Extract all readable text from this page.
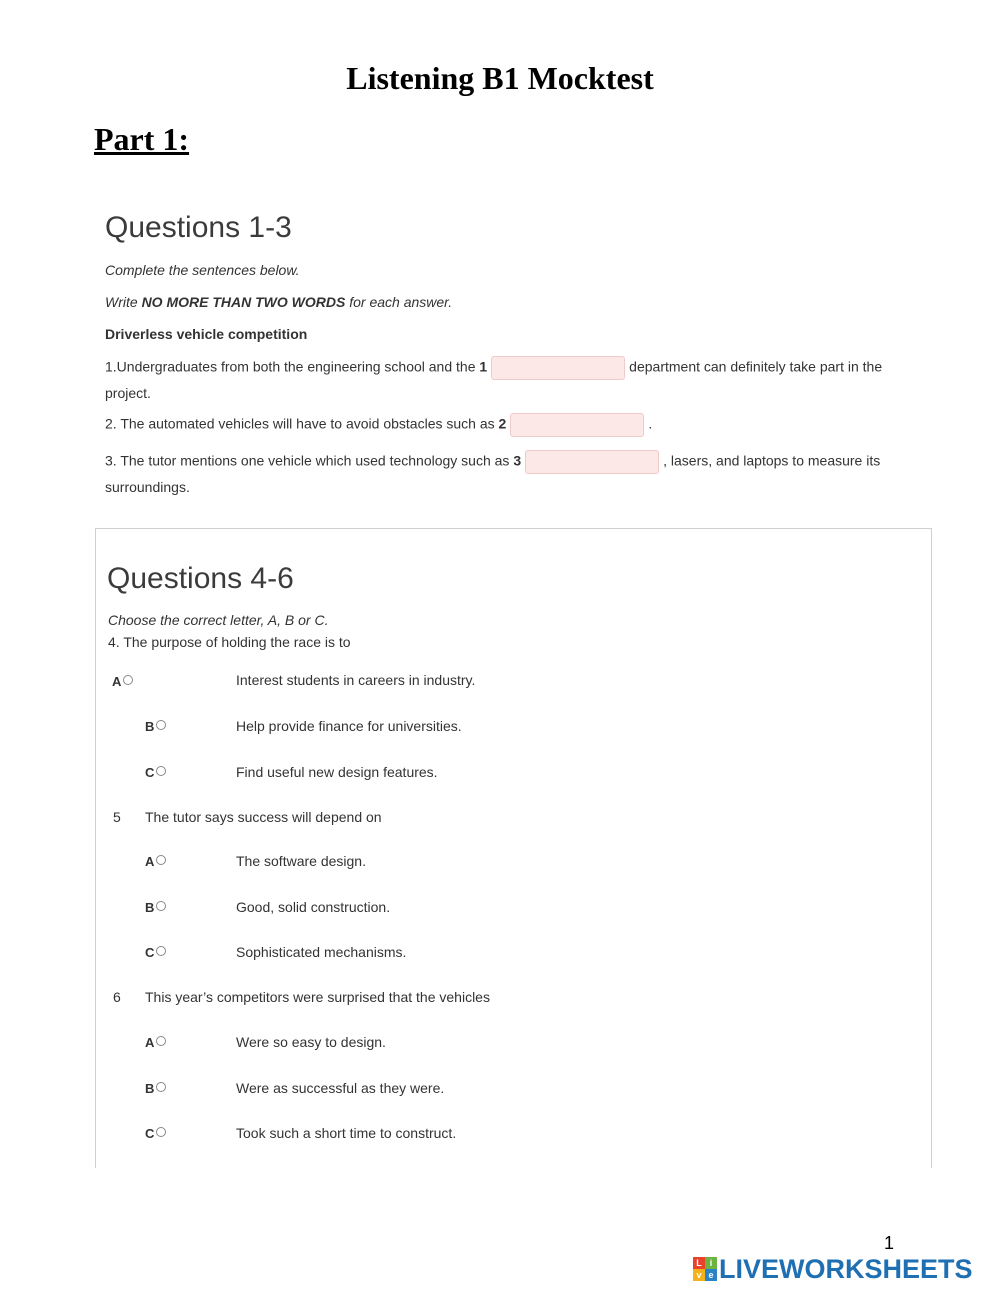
Listening B1 Mocktest
Part 1:
Questions 1-3
Complete the sentences below.
Write NO MORE THAN TWO WORDS for each answer.
Driverless vehicle competition
1.Undergraduates from both the engineering school and the 1	department can definitely take part in the
project.
2. The automated vehicles will have to avoid obstacles such as 2	.
3. The tutor mentions one vehicle which used technology such as 3	, lasers, and laptops to measure its
surroundings.
Questions 4-6
Choose the correct letter, A, B or C.
4. The purpose of holding the race is to
A	Interest students in careers in industry.
B	Help provide finance for universities.
C	Find useful new design features.
5 The tutor says success will depend on
A	The software design.
B	Good, solid construction.
C	Sophisticated mechanisms.
6 This year’s competitors were surprised that the vehicles
A	Were so easy to design.
B	Were as successful as they were.
C	Took such a short time to construct.
1
L i
v e LIVEWORKSHEETS
